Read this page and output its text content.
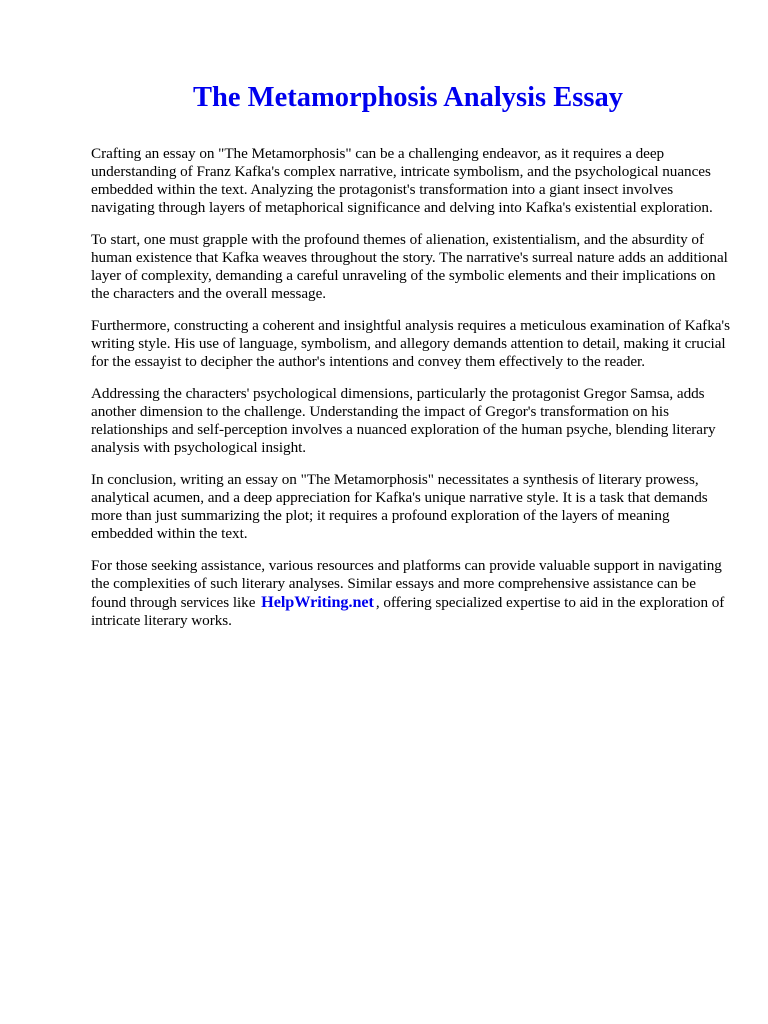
The Metamorphosis Analysis Essay

Crafting an essay on "The Metamorphosis" can be a challenging endeavor, as it requires a deep understanding of Franz Kafka's complex narrative, intricate symbolism, and the psychological nuances embedded within the text. Analyzing the protagonist's transformation into a giant insect involves navigating through layers of metaphorical significance and delving into Kafka's existential exploration.

To start, one must grapple with the profound themes of alienation, existentialism, and the absurdity of human existence that Kafka weaves throughout the story. The narrative's surreal nature adds an additional layer of complexity, demanding a careful unraveling of the symbolic elements and their implications on the characters and the overall message.

Furthermore, constructing a coherent and insightful analysis requires a meticulous examination of Kafka's writing style. His use of language, symbolism, and allegory demands attention to detail, making it crucial for the essayist to decipher the author's intentions and convey them effectively to the reader.

Addressing the characters' psychological dimensions, particularly the protagonist Gregor Samsa, adds another dimension to the challenge. Understanding the impact of Gregor's transformation on his relationships and self-perception involves a nuanced exploration of the human psyche, blending literary analysis with psychological insight.

In conclusion, writing an essay on "The Metamorphosis" necessitates a synthesis of literary prowess, analytical acumen, and a deep appreciation for Kafka's unique narrative style. It is a task that demands more than just summarizing the plot; it requires a profound exploration of the layers of meaning embedded within the text.

For those seeking assistance, various resources and platforms can provide valuable support in navigating the complexities of such literary analyses. Similar essays and more comprehensive assistance can be found through services like HelpWriting.net , offering specialized expertise to aid in the exploration of intricate literary works.
